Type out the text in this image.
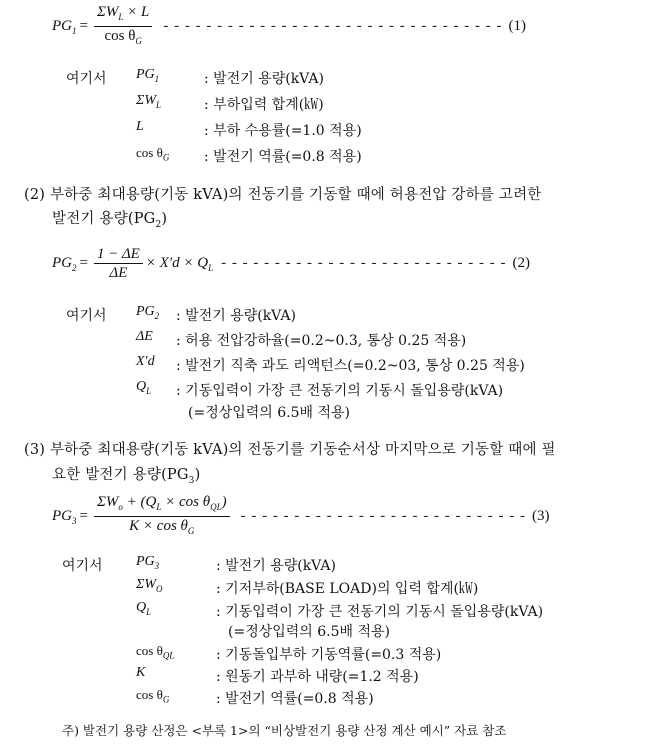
$PG_1 = \frac{\Sigma W_L \times L}{\cos \theta_G}$ - - - - - - - - - - - - - - - - - - - - - - - - - - - - - - - - (1)
여기서 $PG_1$	: 발전기 용량(kVA)
$\Sigma W_L$	: 부하입력 합계(㎾)
L	: 부하 수용률(=1.0 적용)
$\cos \theta_G$ : 발전기 역률(=0.8 적용)
(2) 부하중 최대용량(기동 kVA)의 전동기를 기동할 때에 허용전압 강하를 고려한
발전기 용량$(PG_2)$
$PG_2 = \frac{1 - \Delta E}{\Delta E} \times X'd \times Q_L$ - - - - - - - - - - - - - - - - - - - - - - - - - - - (2)
여기서 $PG_2$ : 발전기 용량(kVA)
ΔE : 허용 전압강하율(=0.2~0.3, 통상 0.25 적용)
X′d : 발전기 직축 과도 리액턴스(=0.2~03, 통상 0.25 적용)
$Q_L$ : 기동입력이 가장 큰 전동기의 기동시 돌입용량(kVA)
(=정상입력의 6.5배 적용)
(3) 부하중 최대용량(기동 kVA)의 전동기를 기동순서상 마지막으로 기동할 때에 필
요한 발전기 용량$(PG_3)$
$PG_3 = \frac{\Sigma W_o + (Q_L \times \cos \theta_{QL})}{K \times \cos \theta_G}$ - - - - - - - - - - - - - - - - - - - - - - - - - - - (3)
여기서 $PG_3$	: 발전기 용량(kVA)
$\Sigma W_O$	: 기저부하(BASE LOAD)의 입력 합계(㎾)
$Q_L$	: 기동입력이 가장 큰 전동기의 기동시 돌입용량(kVA)
(=정상입력의 6.5배 적용)
$\cos \theta_{QL}$	: 기동돌입부하 기동역률(=0.3 적용)
K	: 원동기 과부하 내량(=1.2 적용)
$\cos \theta_G$	: 발전기 역률(=0.8 적용)
주) 발전기 용량 산정은 <부록 1>의 “비상발전기 용량 산정 계산 예시” 자료 참조
